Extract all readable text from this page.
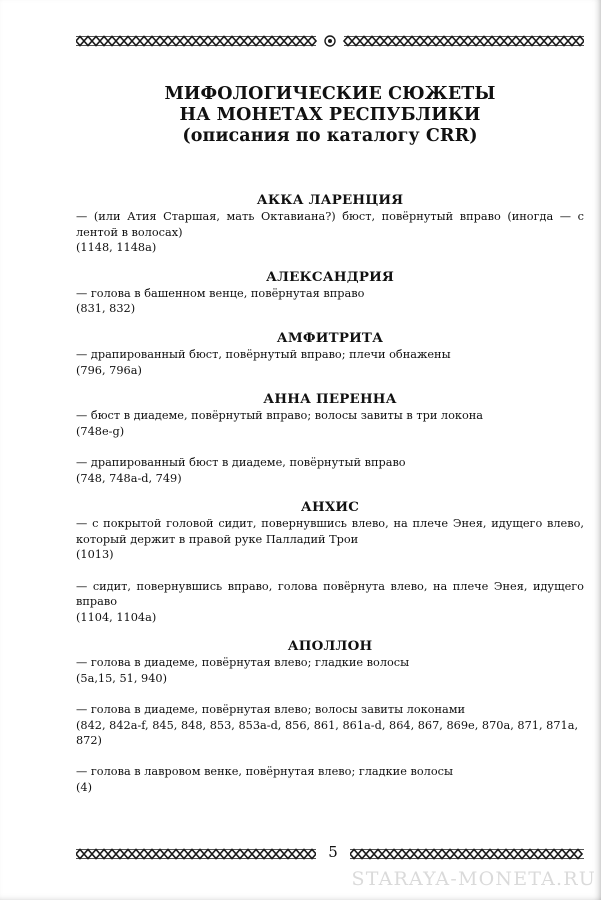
МИФОЛОГИЧЕСКИЕ СЮЖЕТЫ
НА МОНЕТАХ РЕСПУБЛИКИ
(описания по каталогу CRR)
АККА ЛАРЕНЦИЯ
— (или Атия Старшая, мать Октавиана?) бюст, повёрнутый вправо (иногда — с лентой в волосах)
(1148, 1148a)
АЛЕКСАНДРИЯ
— голова в башенном венце, повёрнутая вправо
(831, 832)
АМФИТРИТА
— драпированный бюст, повёрнутый вправо; плечи обнажены
(796, 796a)
АННА ПЕРЕННА
— бюст в диадеме, повёрнутый вправо; волосы завиты в три локона
(748e-g)
— драпированный бюст в диадеме, повёрнутый вправо
(748, 748a-d, 749)
АНХИС
— с покрытой головой сидит, повернувшись влево, на плече Энея, идущего влево, который держит в правой руке Палладий Трои
(1013)
— сидит, повернувшись вправо, голова повёрнута влево, на плече Энея, идущего вправо
(1104, 1104a)
АПОЛЛОН
— голова в диадеме, повёрнутая влево; гладкие волосы
(5a,15, 51, 940)
— голова в диадеме, повёрнутая влево; волосы завиты локонами
(842, 842a-f, 845, 848, 853, 853a-d, 856, 861, 861a-d, 864, 867, 869e, 870a, 871, 871a, 872)
— голова в лавровом венке, повёрнутая влево; гладкие волосы
(4)
5
STARAYA-MONETA.RU
